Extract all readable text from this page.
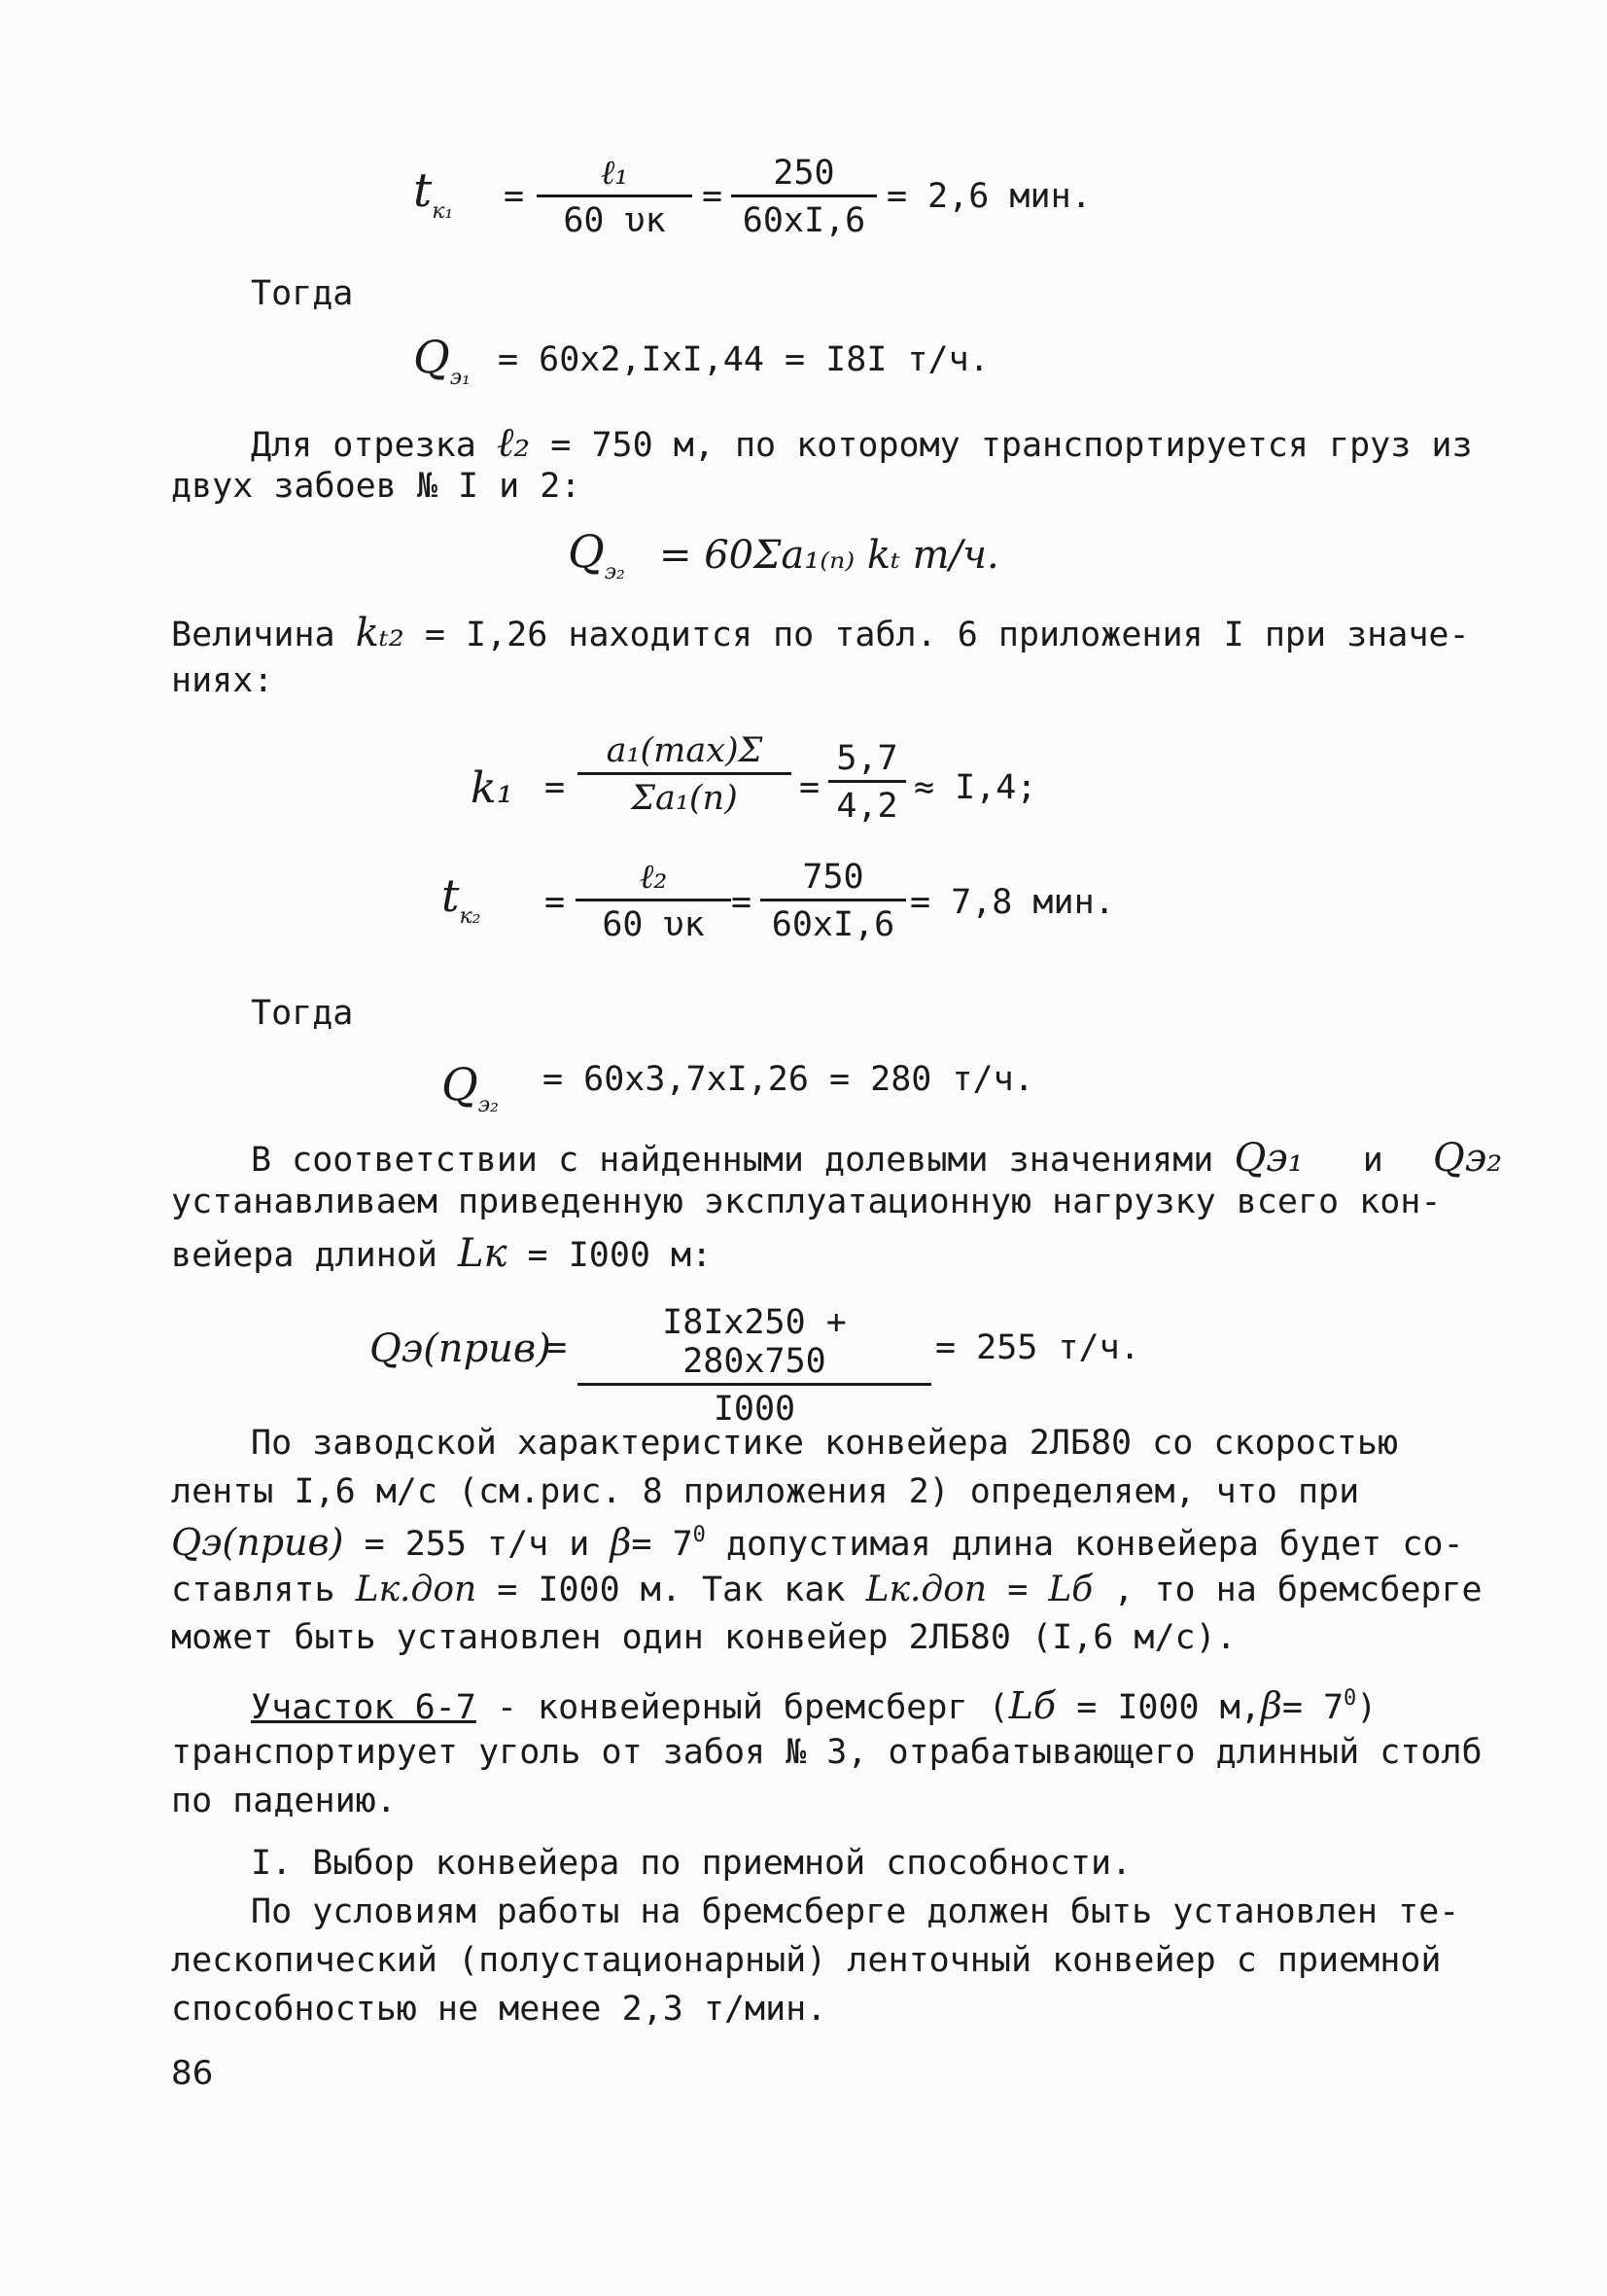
$t_{к_1}$ =
ℓ₁
60 υк
= $\frac{250}{60xI,6} = 2,6$ мин.
Тогда
$Q_{э_1} = 60x2,IxI,44 = I8I$ т/ч.
Для отрезка ℓ₂ = 750 м, по которому транспортируется груз из
двух забоев № I и 2:
$Q_{э_2} = 60\Sigma a_{1(n)}$ kₜ т/ч.
Величина kₜ₂ = I,26 находится по табл. 6 приложения I при значе-
ниях:
k₁ =
a₁(max)Σ
Σa₁(n)	= $\frac{5,7}{4,2} \approx I,4$;
$t_{к_2}$ =
ℓ₂
60 υк
= $\frac{750}{60xI,6} = 7,8$ мин.
Тогда
$Q_{э_2}$
= 60x3,7xI,26 = 280 т/ч.
В соответствии с найденными долевыми значениями Qэ₁ и Qэ₂
устанавливаем приведенную эксплуатационную нагрузку всего кон-
вейера длиной Lк = I000 м:
Qэ(прив)
= $\frac{I8Ix250 + 280x750}{I000} = 255$ т/ч.
По заводской характеристике конвейера 2ЛБ80 со скоростью
ленты I,6 м/с (см.рис. 8 приложения 2) определяем, что при
Qэ(прив) = 255 т/ч и $\beta= 7^0$ допустимая длина конвейера будет со-
ставлять Lк.доп = I000 м. Так как Lк.доп = Lб , то на бремсберге
может быть установлен один конвейер 2ЛБ80 (I,6 м/с).
Участок 6-7 - конвейерный бремсберг (Lб = I000 $м,\beta= 7^0$)
транспортирует уголь от забоя № 3, отрабатывающего длинный столб
по падению.
I. Выбор конвейера по приемной способности.
По условиям работы на бремсберге должен быть установлен те-
лескопический (полустационарный) ленточный конвейер с приемной
способностью не менее 2,3 т/мин.
86
